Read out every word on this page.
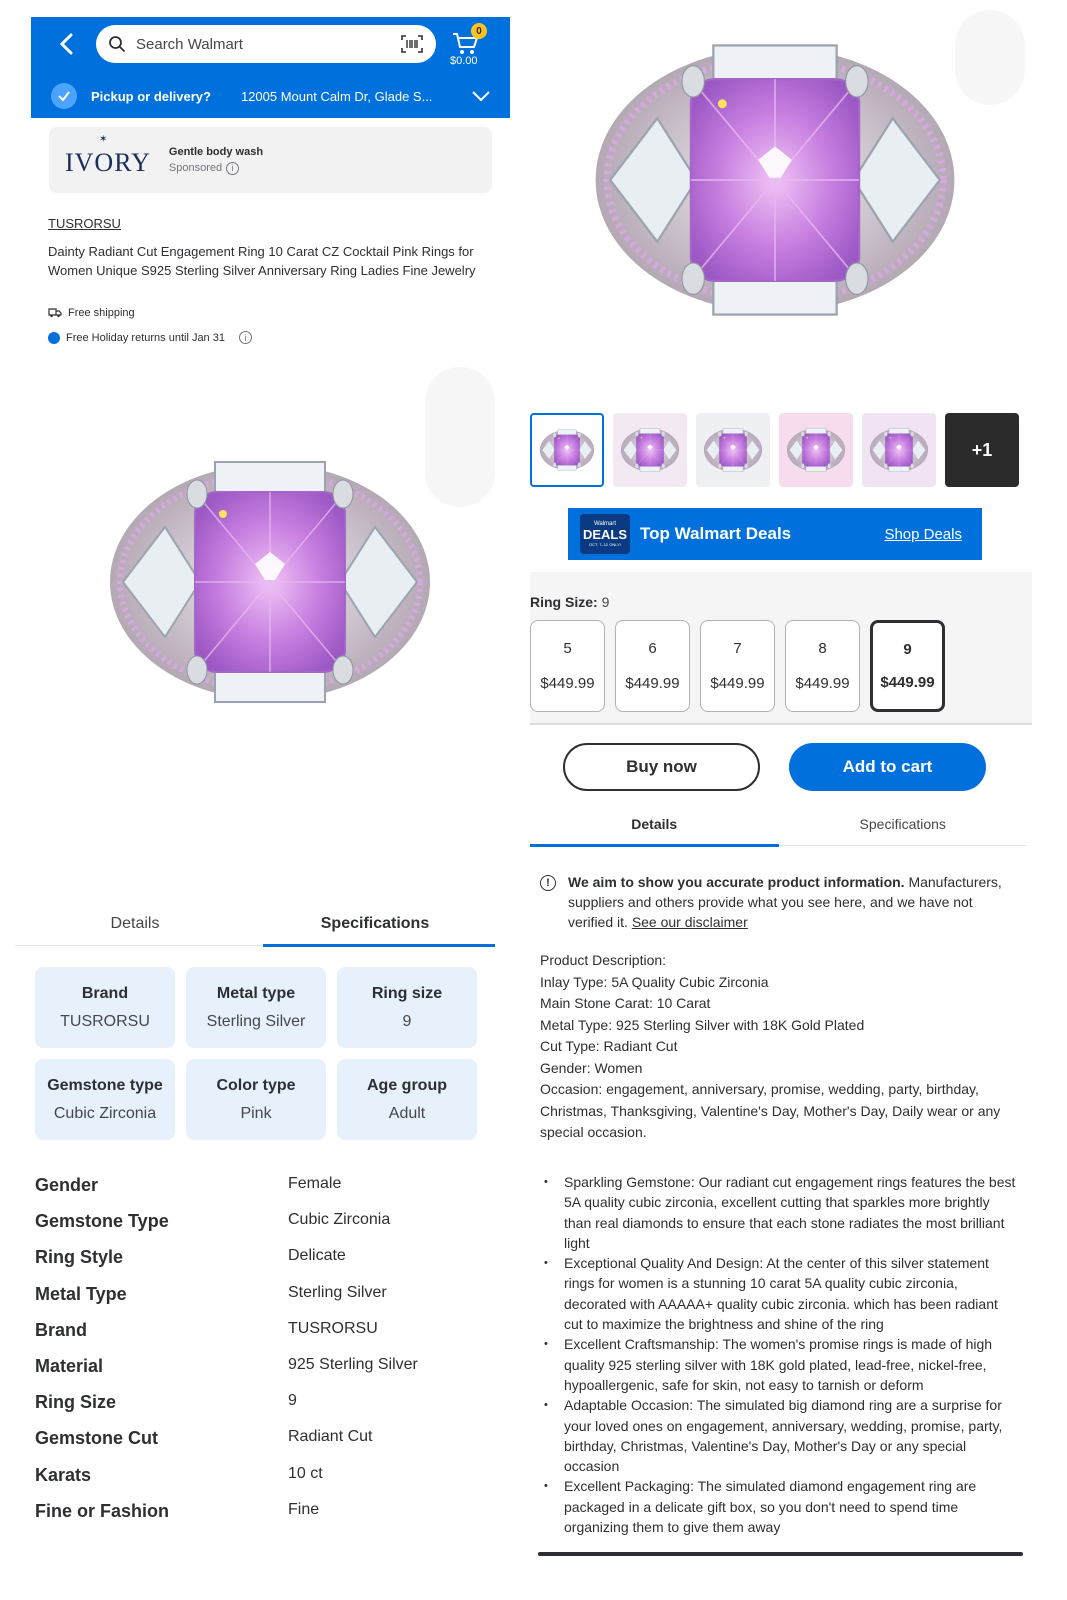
Search Walmart
0
$0.00
Pickup or delivery? 12005 Mount Calm Dr, Glade S...
✶
IVORY Gentle body wash
Sponsored	i
TUSRORSU
Dainty Radiant Cut Engagement Ring 10 Carat CZ Cocktail Pink Rings for Women Unique S925 Sterling Silver Anniversary Ring Ladies Fine Jewelry
Free shipping
Free Holiday returns until Jan 31	i
Details	Specifications
Brand
TUSRORSU
Metal type
Sterling Silver
Ring size
9
Gemstone type
Cubic Zirconia
Color type
Pink
Age group
Adult
Gender	Female
Gemstone Type	Cubic Zirconia
Ring Style	Delicate
Metal Type	Sterling Silver
Brand	TUSRORSU
Material	925 Sterling Silver
Ring Size	9
Gemstone Cut	Radiant Cut
Karats	10 ct
Fine or Fashion	Fine
+1
Walmart
DEALS
OCT. 7–12 ONLY!
Top Walmart Deals	Shop Deals
Ring Size: 9
5
$449.99
6
$449.99
7
$449.99
8
$449.99
9
$449.99
Buy now	Add to cart
Details	Specifications
!	We aim to show you accurate product information. Manufacturers, suppliers and others provide what you see here, and we have not verified it. See our disclaimer
Product Description:
Inlay Type: 5A Quality Cubic Zirconia
Main Stone Carat: 10 Carat
Metal Type: 925 Sterling Silver with 18K Gold Plated
Cut Type: Radiant Cut
Gender: Women
Occasion: engagement, anniversary, promise, wedding, party, birthday, Christmas, Thanksgiving, Valentine's Day, Mother's Day, Daily wear or any special occasion.
• Sparkling Gemstone: Our radiant cut engagement rings features the best 5A quality cubic zirconia, excellent cutting that sparkles more brightly than real diamonds to ensure that each stone radiates the most brilliant light
• Exceptional Quality And Design: At the center of this silver statement rings for women is a stunning 10 carat 5A quality cubic zirconia, decorated with AAAAA+ quality cubic zirconia. which has been radiant cut to maximize the brightness and shine of the ring
• Excellent Craftsmanship: The women's promise rings is made of high quality 925 sterling silver with 18K gold plated, lead-free, nickel-free, hypoallergenic, safe for skin, not easy to tarnish or deform
• Adaptable Occasion: The simulated big diamond ring are a surprise for your loved ones on engagement, anniversary, wedding, promise, party, birthday, Christmas, Valentine's Day, Mother's Day or any special occasion
• Excellent Packaging: The simulated diamond engagement ring are packaged in a delicate gift box, so you don't need to spend time organizing them to give them away
